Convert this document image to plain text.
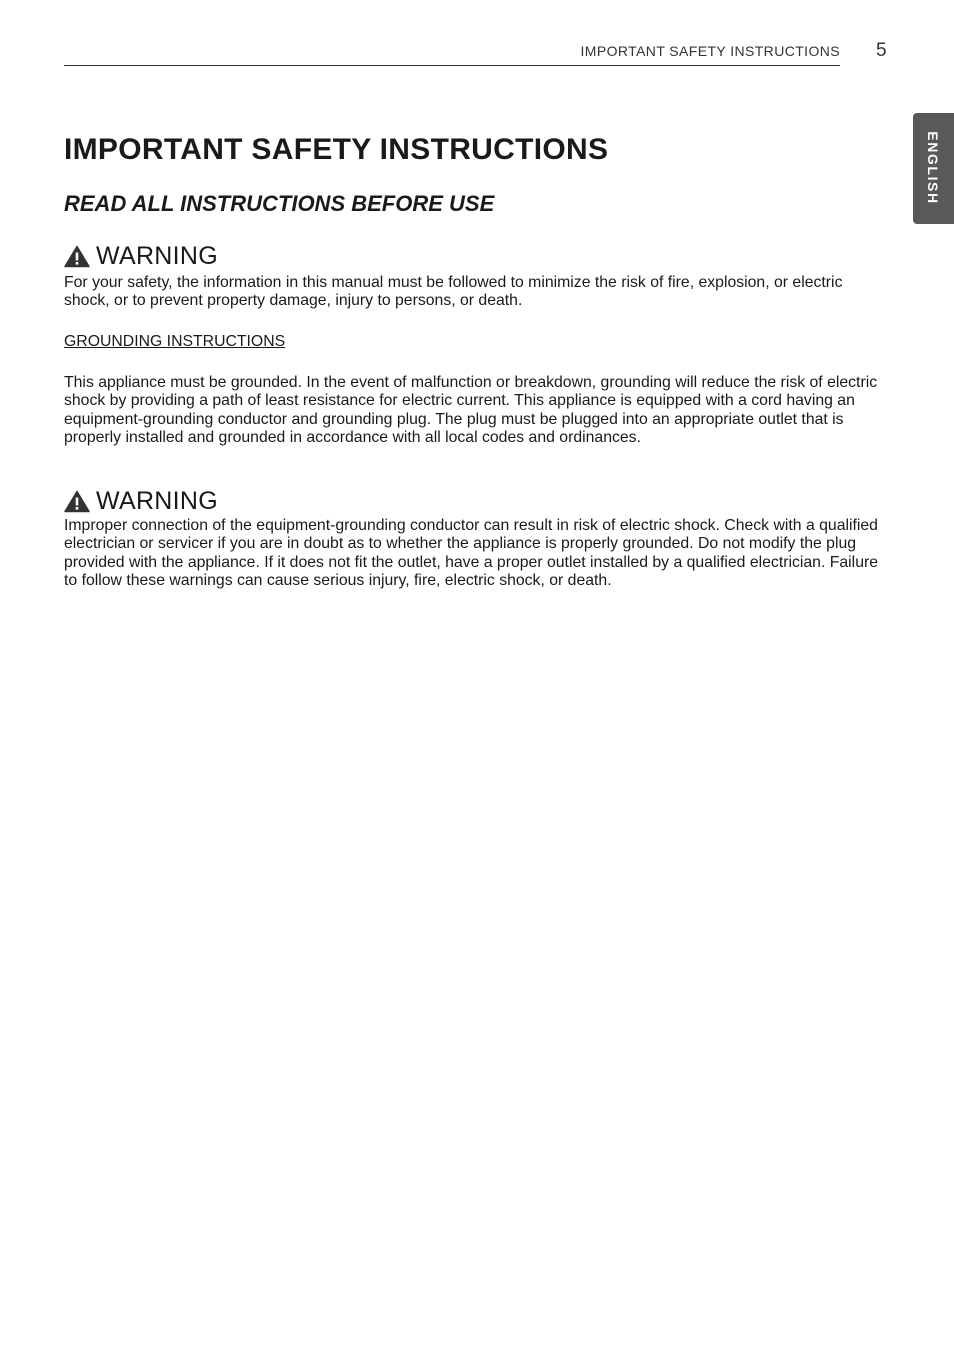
IMPORTANT SAFETY INSTRUCTIONS 5
ENGLISH
IMPORTANT SAFETY INSTRUCTIONS
READ ALL INSTRUCTIONS BEFORE USE
WARNING

For your safety, the information in this manual must be followed to minimize the risk of fire, explosion, or electric shock, or to prevent property damage, injury to persons, or death.

GROUNDING INSTRUCTIONS

This appliance must be grounded. In the event of malfunction or breakdown, grounding will reduce the risk of electric shock by providing a path of least resistance for electric current. This appliance is equipped with a cord having an equipment-grounding conductor and grounding plug. The plug must be plugged into an appropriate outlet that is properly installed and grounded in accordance with all local codes and ordinances.

WARNING

Improper connection of the equipment-grounding conductor can result in risk of electric shock. Check with a qualified electrician or servicer if you are in doubt as to whether the appliance is properly grounded. Do not modify the plug provided with the appliance. If it does not fit the outlet, have a proper outlet installed by a qualified electrician. Failure to follow these warnings can cause serious injury, fire, electric shock, or death.
